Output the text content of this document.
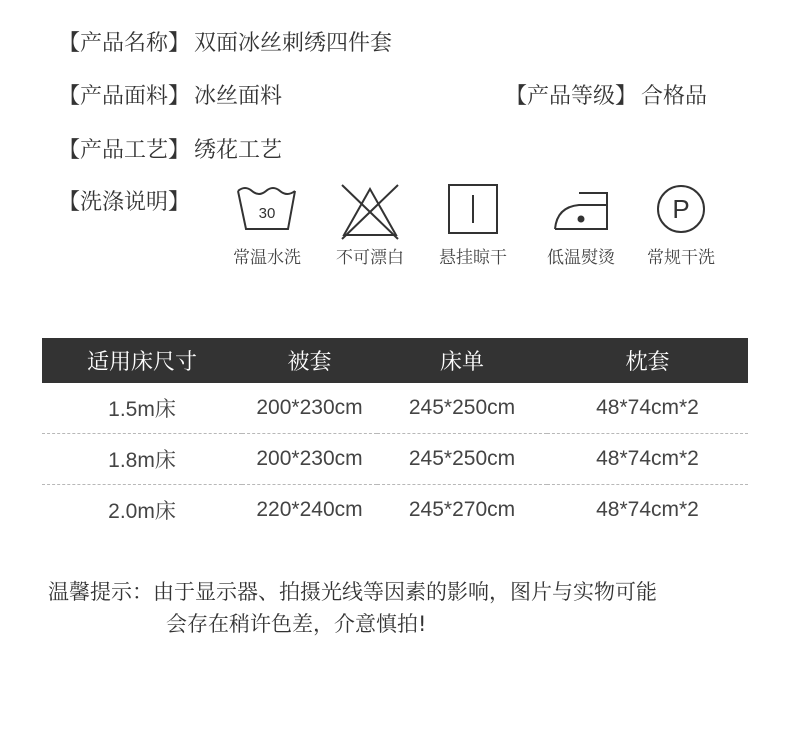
【产品名称】 双面冰丝刺绣四件套
【产品面料】 冰丝面料	【产品等级】 合格品
【产品工艺】 绣花工艺
【洗涤说明】	30
常温水洗	不可漂白	悬挂晾干	低温熨烫
P
常规干洗
适用床尺寸	被套	床单	枕套
1.5m床	200*230cm	245*250cm	48*74cm*2
1.8m床	200*230cm	245*250cm	48*74cm*2
2.0m床	220*240cm	245*270cm	48*74cm*2
温馨提示：由于显示器、拍摄光线等因素的影响，图片与实物可能
会存在稍许色差，介意慎拍!
